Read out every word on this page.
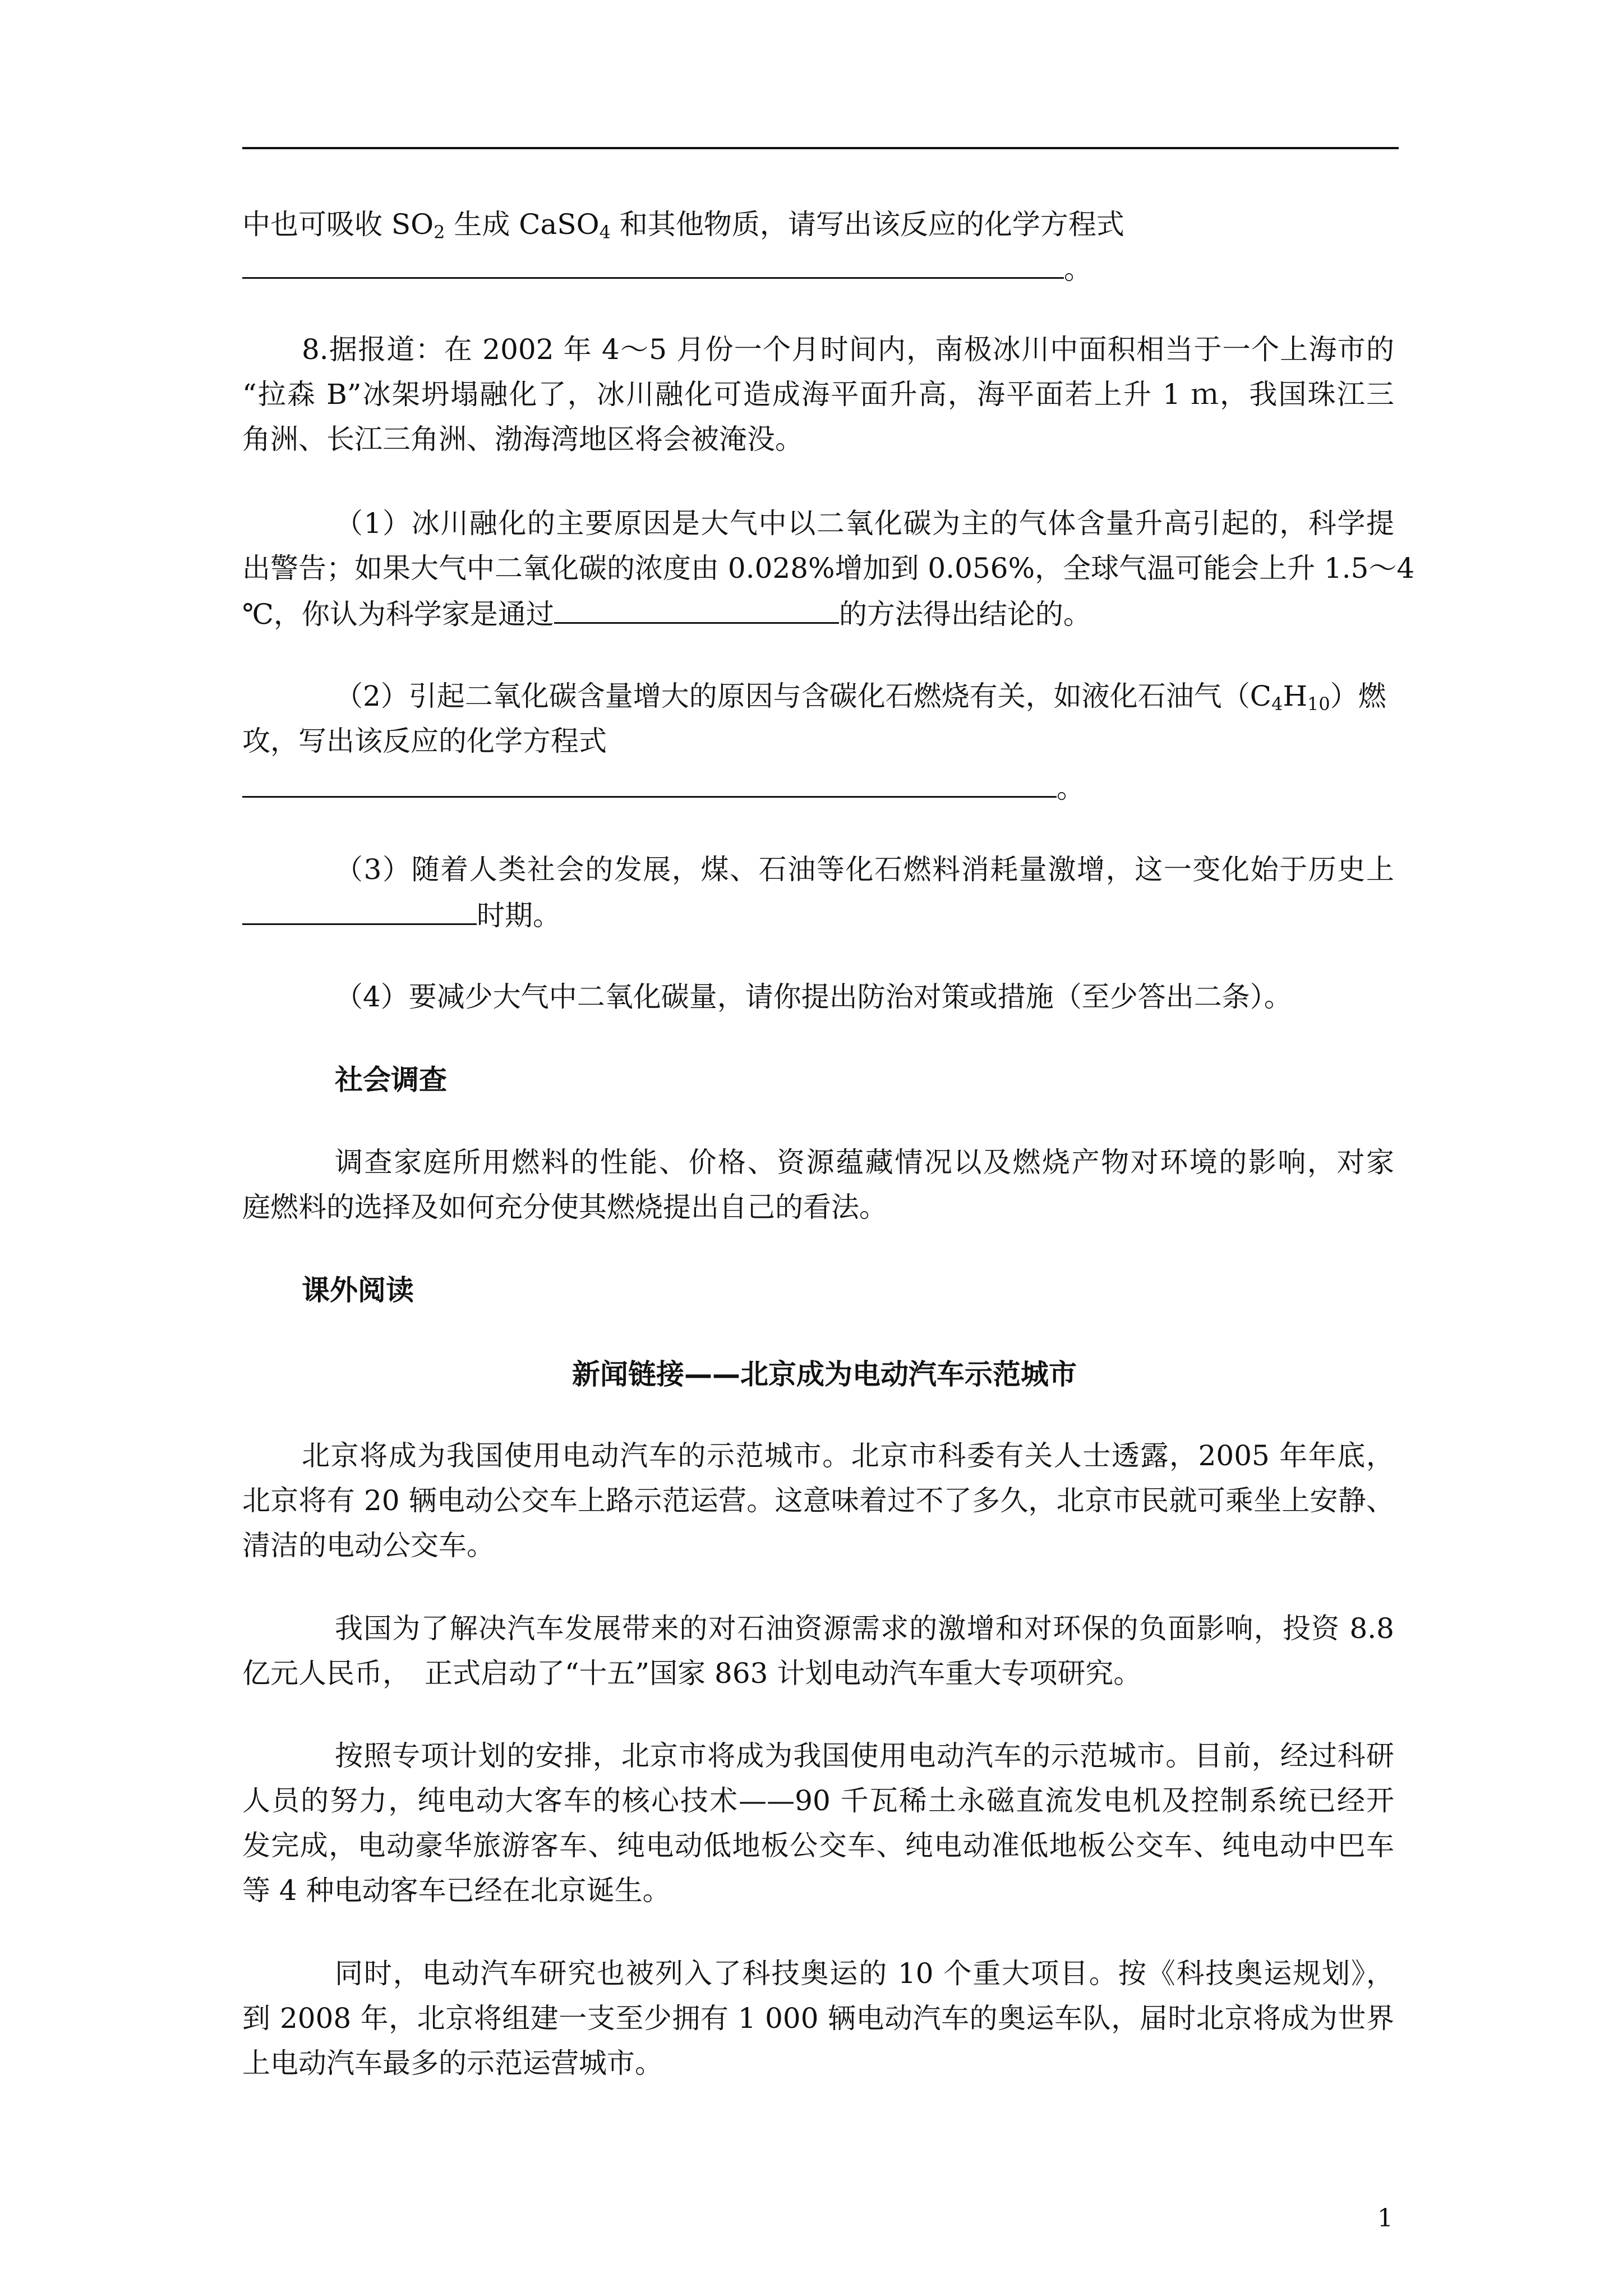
中也可吸收 $SO_2$ 生成 CaSO$_4$ 和其他物质，请写出该反应的化学方程式
。
8.据报道：在 2002 年 4～5 月份一个月时间内，南极冰川中面积相当于一个上海市的
“拉森 B”冰架坍塌融化了，冰川融化可造成海平面升高，海平面若上升 1 ｍ，我国珠江三
角洲、长江三角洲、渤海湾地区将会被淹没。
（1）冰川融化的主要原因是大气中以二氧化碳为主的气体含量升高引起的，科学提
出警告；如果大气中二氧化碳的浓度由 0.028%增加到 0.056%，全球气温可能会上升 1.5～4
℃，你认为科学家是通过	的方法得出结论的。
（2）引起二氧化碳含量增大的原因与含碳化石燃烧有关，如液化石油气$(C_4H_{10})$燃
攻，写出该反应的化学方程式
。
（3）随着人类社会的发展，煤、石油等化石燃料消耗量激增，这一变化始于历史上
时期。
（4）要减少大气中二氧化碳量，请你提出防治对策或措施（至少答出二条）。
社会调查
调查家庭所用燃料的性能、价格、资源蕴藏情况以及燃烧产物对环境的影响，对家
庭燃料的选择及如何充分使其燃烧提出自己的看法。
课外阅读
新闻链接——北京成为电动汽车示范城市
北京将成为我国使用电动汽车的示范城市。北京市科委有关人士透露，2005 年年底，
北京将有 20 辆电动公交车上路示范运营。这意味着过不了多久，北京市民就可乘坐上安静、
清洁的电动公交车。
我国为了解决汽车发展带来的对石油资源需求的激增和对环保的负面影响，投资 8.8
亿元人民币，　正式启动了“十五”国家 863 计划电动汽车重大专项研究。
按照专项计划的安排，北京市将成为我国使用电动汽车的示范城市。目前，经过科研
人员的努力，纯电动大客车的核心技术——90 千瓦稀土永磁直流发电机及控制系统已经开
发完成，电动豪华旅游客车、纯电动低地板公交车、纯电动准低地板公交车、纯电动中巴车
等 4 种电动客车已经在北京诞生。
同时，电动汽车研究也被列入了科技奥运的 10 个重大项目。按《科技奥运规划》，
到 2008 年，北京将组建一支至少拥有 1 000 辆电动汽车的奥运车队，届时北京将成为世界
上电动汽车最多的示范运营城市。
1
